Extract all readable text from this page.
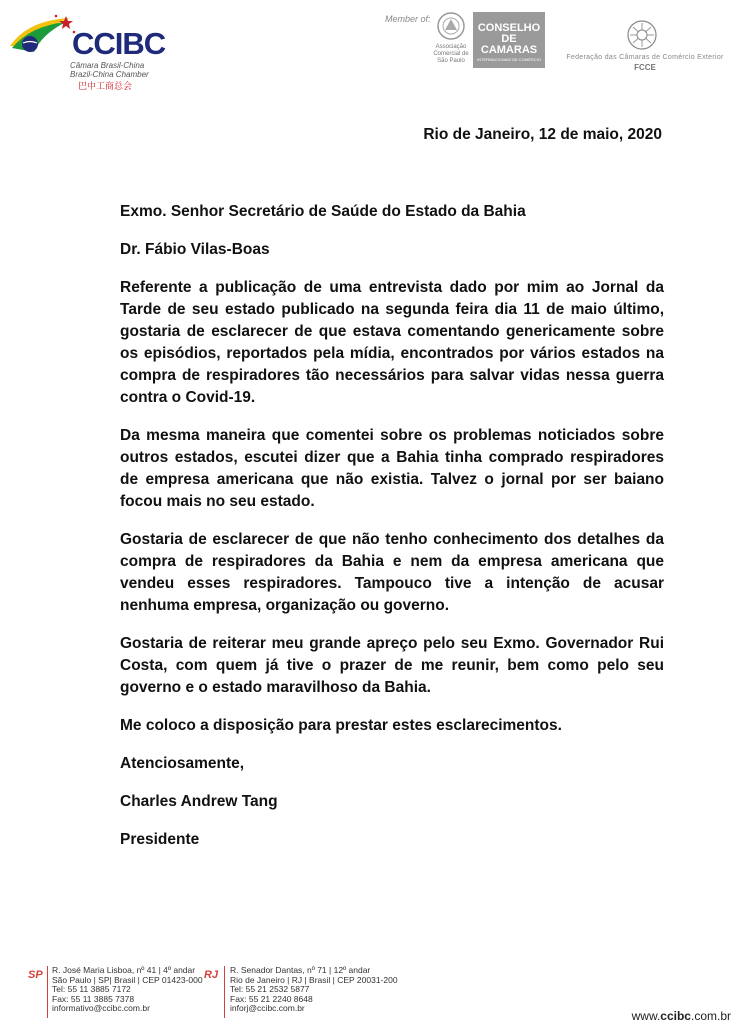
CCIBC
Câmara Brasil-China
Brazil-China Chamber
巴中工商总会
Member of:
Associação Comercial de São Paulo
CONSELHO
DE CAMARAS
INTERNACIONAIS DE COMÉRCIO	Federação das Câmaras de Comércio Exterior
FCCE
Rio de Janeiro, 12 de maio, 2020

Exmo. Senhor Secretário de Saúde do Estado da Bahia

Dr. Fábio Vilas-Boas

Referente a publicação de uma entrevista dado por mim ao Jornal da Tarde de seu estado publicado na segunda feira dia 11 de maio último, gostaria de esclarecer de que estava comentando genericamente sobre os episódios, reportados pela mídia, encontrados por vários estados na compra de respiradores tão necessários para salvar vidas nessa guerra contra o Covid-19.

Da mesma maneira que comentei sobre os problemas noticiados sobre outros estados, escutei dizer que a Bahia tinha comprado respiradores de empresa americana que não existia. Talvez o jornal por ser baiano focou mais no seu estado.

Gostaria de esclarecer de que não tenho conhecimento dos detalhes da compra de respiradores da Bahia e nem da empresa americana que vendeu esses respiradores. Tampouco tive a intenção de acusar nenhuma empresa, organização ou governo.

Gostaria de reiterar meu grande apreço pelo seu Exmo. Governador Rui Costa, com quem já tive o prazer de me reunir, bem como pelo seu governo e o estado maravilhoso da Bahia.

Me coloco a disposição para prestar estes esclarecimentos.

Atenciosamente,

Charles Andrew Tang

Presidente

SP R. José Maria Lisboa, nº 41 | 4º andar
São Paulo | SP| Brasil | CEP 01423-000
Tel: 55 11 3885 7172
Fax: 55 11 3885 7378
informativo@ccibc.com.br
RJ R. Senador Dantas, nº 71 | 12º andar
Rio de Janeiro | RJ | Brasil | CEP 20031-200
Tel: 55 21 2532 5877
Fax: 55 21 2240 8648
inforj@ccibc.com.br
www.ccibc.com.br
